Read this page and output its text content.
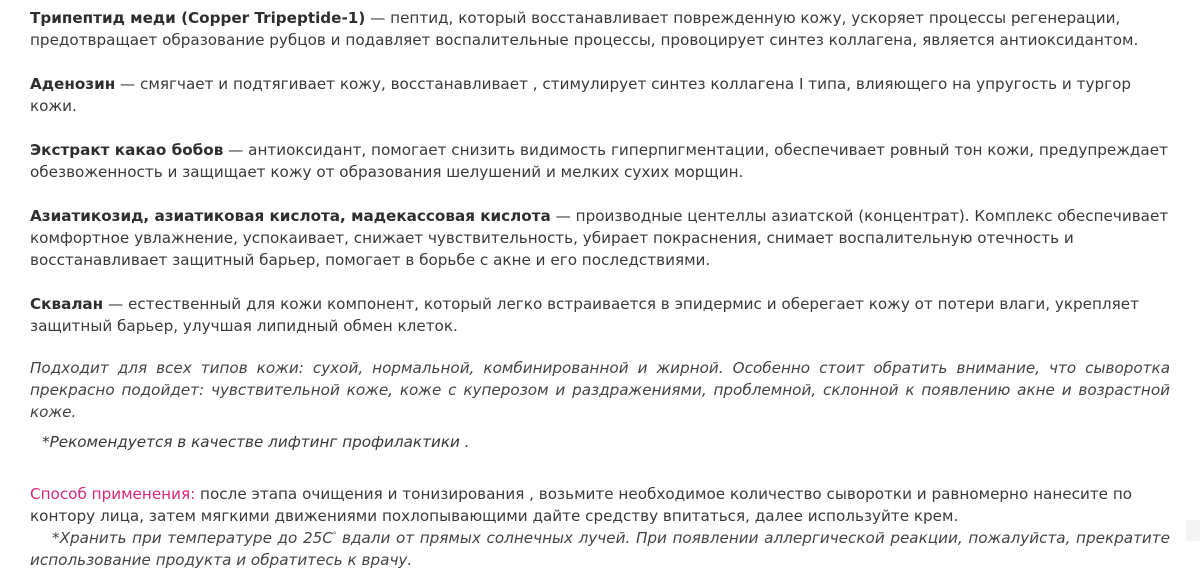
Трипептид меди (Copper Tripeptide-1) — пептид, который восстанавливает поврежденную кожу, ускоряет процессы регенерации, предотвращает образование рубцов и подавляет воспалительные процессы, провоцирует синтез коллагена, является антиоксидантом.

Аденозин — смягчает и подтягивает кожу, восстанавливает , стимулирует синтез коллагена I типа, влияющего на упругость и тургор кожи.

Экстракт какао бобов — антиоксидант, помогает снизить видимость гиперпигментации, обеспечивает ровный тон кожи, предупреждает обезвоженность и защищает кожу от образования шелушений и мелких сухих морщин.

Азиатикозид, азиатиковая кислота, мадекассовая кислота — производные центеллы азиатской (концентрат). Комплекс обеспечивает комфортное увлажнение, успокаивает, снижает чувствительность, убирает покраснения, снимает воспалительную отечность и восстанавливает защитный барьер, помогает в борьбе с акне и его последствиями.

Сквалан — естественный для кожи компонент, который легко встраивается в эпидермис и оберегает кожу от потери влаги, укрепляет защитный барьер, улучшая липидный обмен клеток.

Подходит для всех типов кожи: сухой, нормальной, комбинированной и жирной. Особенно стоит обратить внимание, что сыворотка прекрасно подойдет: чувствительной коже, коже с куперозом и раздражениями, проблемной, склонной к появлению акне и возрастной коже.

*Рекомендуется в качестве лифтинг профилактики .

Способ применения: после этапа очищения и тонизирования , возьмите необходимое количество сыворотки и равномерно нанесите по контору лица, затем мягкими движениями похлопывающими дайте средству впитаться, далее используйте крем.

*Хранить при температуре до 25С° вдали от прямых солнечных лучей. При появлении аллергической реакции, пожалуйста, прекратите использование продукта и обратитесь к врачу.
